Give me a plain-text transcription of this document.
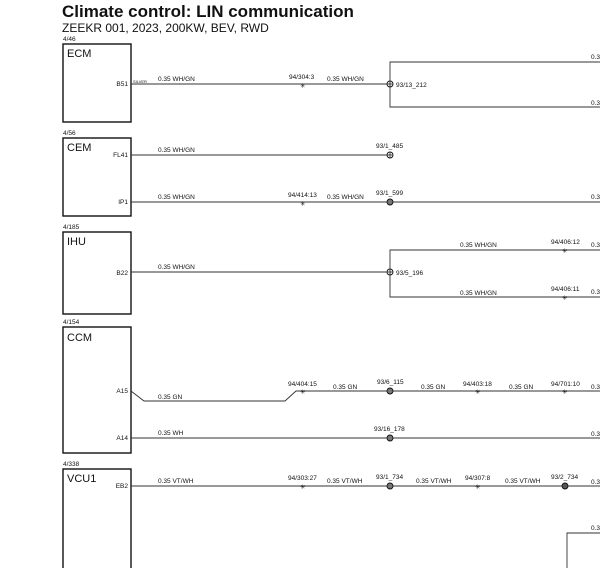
Climate control: LIN communication
ZEEKR 001, 2023, 200KW, BEV, RWD
4/46
ECM
B51 SILVER 0.35 WH/GN	94/304:3
✳
0.35 WH/GN
93/13_212
0.3
0.3
4/56
CEM
FL41
IP1
0.35 WH/GN
93/1_485
0.35 WH/GN	94/414:13
✳
0.35 WH/GN
93/1_599
0.3
4/185
IHU
B22
0.35 WH/GN
93/5_196
0.35 WH/GN	94/406:12
✳
0.3
0.35 WH/GN
94/406:11
✳
0.3
4/154
CCM
A15
A14
0.35 GN
94/404:15
✳
0.35 GN
93/6_115
0.35 GN	94/403:18
✳
0.35 GN	94/701:10
✳
0.3
0.35 WH
93/16_178
0.3
4/338
VCU1
EB2
0.35 VT/WH	94/303:27
✳
0.35 VT/WH
93/1_734
0.35 VT/WH 94/307:8
✳
0.35 VT/WH
93/2_734
0.3
0.3
